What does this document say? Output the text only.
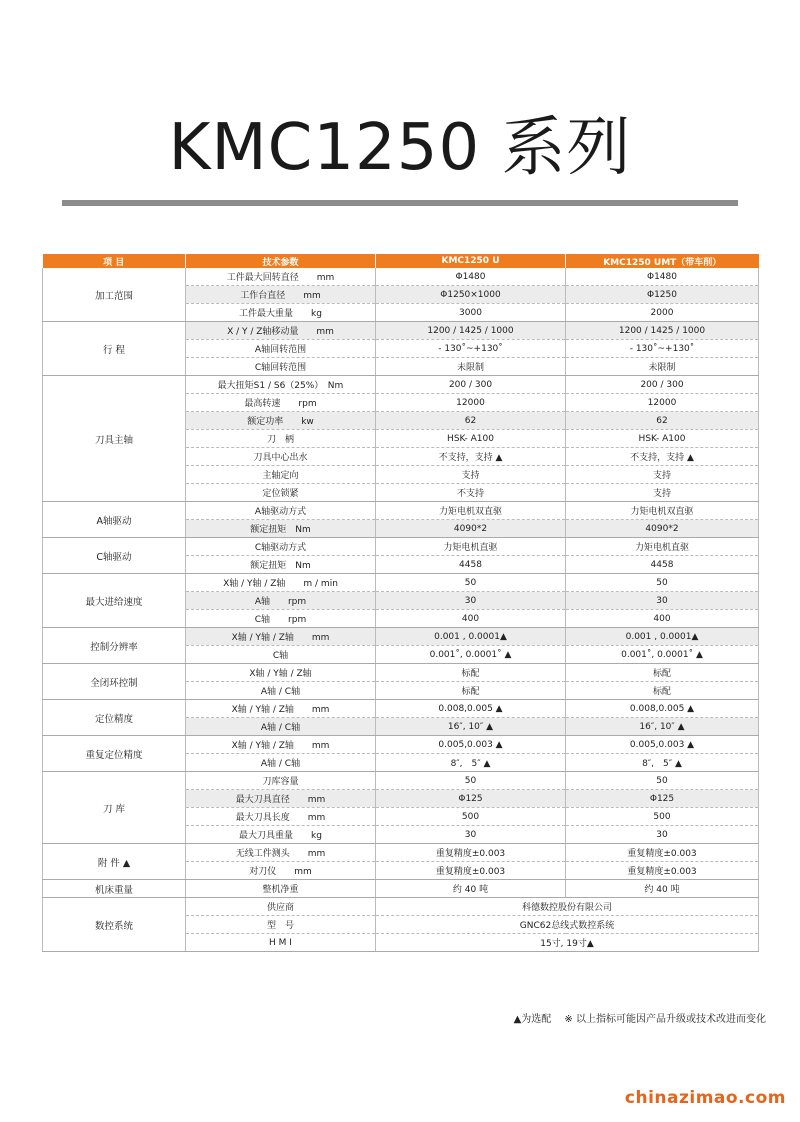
KMC1250 系列
项 目	技术参数	KMC1250 U	KMC1250 UMT（带车削）
加工范围	工件最大回转直径　　mm	Φ1480	Φ1480
	工作台直径　　mm	Φ1250×1000	Φ1250
	工件最大重量　　kg	3000	2000
行 程	X / Y / Z轴移动量　　mm	1200 / 1425 / 1000	1200 / 1425 / 1000
	A轴回转范围	- 130˚~+130˚	- 130˚~+130˚
	C轴回转范围	未限制	未限制
刀具主轴	最大扭矩S1 / S6（25%）　Nm	200 / 300	200 / 300
	最高转速　　rpm	12000	12000
	额定功率　　kw	62	62
	刀　柄	HSK- A100	HSK- A100
	刀具中心出水	不支持，支持 ▲	不支持，支持 ▲
	主轴定向	支持	支持
	定位锁紧	不支持	支持
A轴驱动	A轴驱动方式	力矩电机双直驱	力矩电机双直驱
	额定扭矩　Nm	4090*2	4090*2
C轴驱动	C轴驱动方式	力矩电机直驱	力矩电机直驱
	额定扭矩　Nm	4458	4458
最大进给速度	X轴 / Y轴 / Z轴　　m / min	50	50
	A轴　　rpm	30	30
	C轴　　rpm	400	400
控制分辨率	X轴 / Y轴 / Z轴　　mm	0.001 , 0.0001▲	0.001 , 0.0001▲
	C轴	0.001˚, 0.0001˚ ▲	0.001˚, 0.0001˚ ▲
全闭环控制	X轴 / Y轴 / Z轴	标配	标配
	A轴 / C轴	标配	标配
定位精度	X轴 / Y轴 / Z轴　　mm	0.008,0.005 ▲	0.008,0.005 ▲
	A轴 / C轴	16″, 10″ ▲	16″, 10″ ▲
重复定位精度	X轴 / Y轴 / Z轴　　mm	0.005,0.003 ▲	0.005,0.003 ▲
	A轴 / C轴	8″,　5″ ▲	8″,　5″ ▲
刀 库	刀库容量	50	50
	最大刀具直径　　mm	Φ125	Φ125
	最大刀具长度　　mm	500	500
	最大刀具重量　　kg	30	30
附 件 ▲	无线工件测头　　mm	重复精度±0.003	重复精度±0.003
	对刀仪　　mm	重复精度±0.003	重复精度±0.003
机床重量	整机净重	约 40 吨	约 40 吨
数控系统	供应商	科德数控股份有限公司	
	型　号	GNC62总线式数控系统	
	H M I	15寸, 19寸▲	
▲为选配　 ※ 以上指标可能因产品升级或技术改进而变化
chinazimao.com
